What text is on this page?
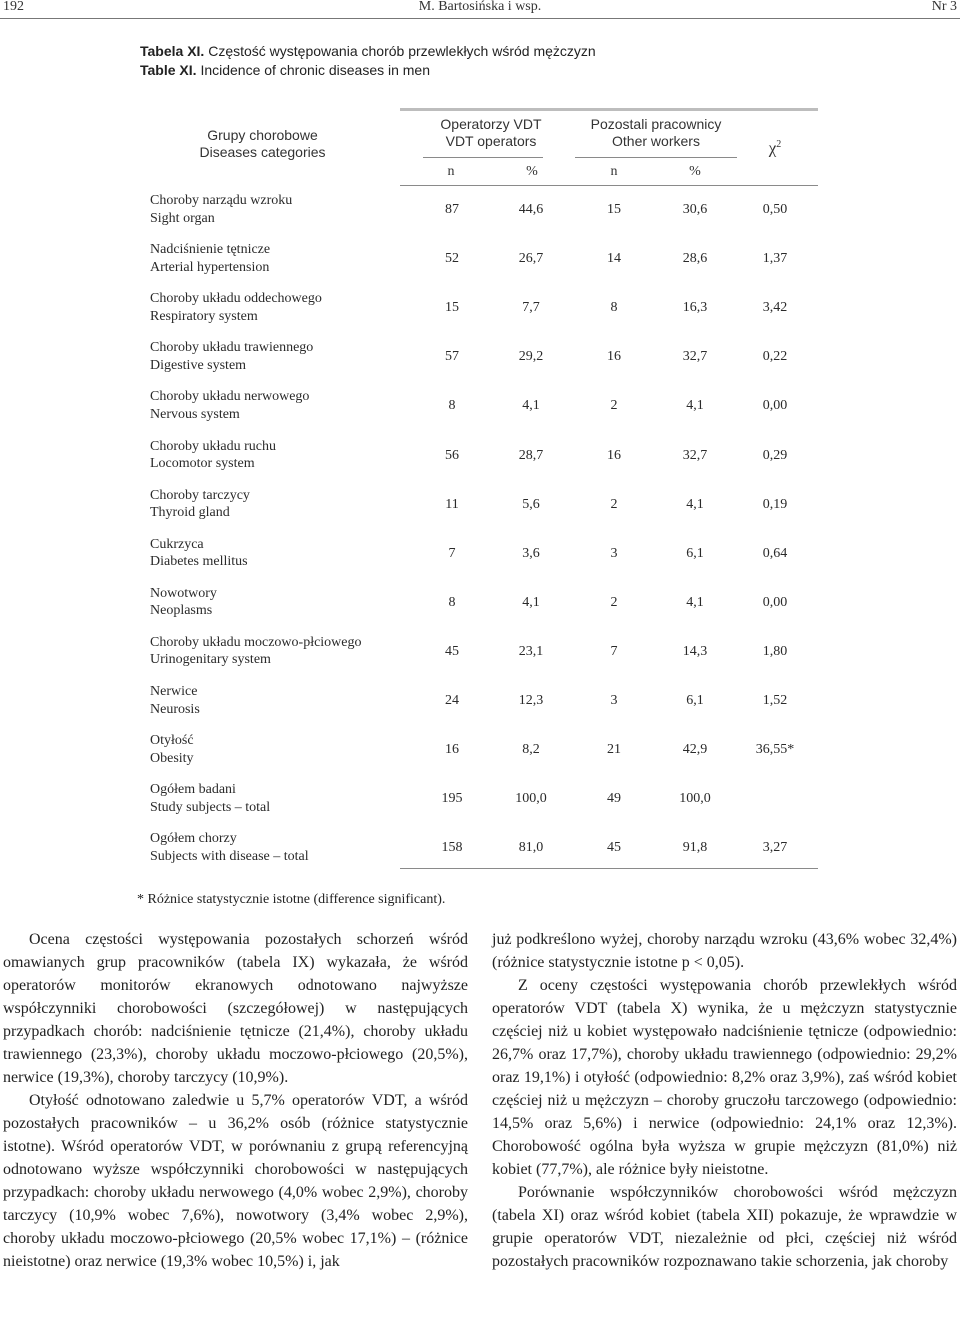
192	M. Bartosińska i wsp.	Nr 3
Tabela XI. Częstość występowania chorób przewlekłych wśród mężczyzn
Table XI. Incidence of chronic diseases in men
Grupy chorobowe
Diseases categories
Operatorzy VDT
VDT operators
Pozostali pracownicy
Other workers	$\chi^2$
n	%	n	%
Choroby narządu wzroku
Sight organ
87	44,6	15	30,6	0,50
Nadciśnienie tętnicze
Arterial hypertension
52	26,7	14	28,6	1,37
Choroby układu oddechowego
Respiratory system
15	7,7	8	16,3	3,42
Choroby układu trawiennego
Digestive system
57	29,2	16	32,7	0,22
Choroby układu nerwowego
Nervous system
8	4,1	2	4,1	0,00
Choroby układu ruchu
Locomotor system
56	28,7	16	32,7	0,29
Choroby tarczycy
Thyroid gland
11	5,6	2	4,1	0,19
Cukrzyca
Diabetes mellitus
7	3,6	3	6,1	0,64
Nowotwory
Neoplasms
8	4,1	2	4,1	0,00
Choroby układu moczowo-płciowego
Urinogenitary system
45	23,1	7	14,3	1,80
Nerwice
Neurosis
24	12,3	3	6,1	1,52
Otyłość
Obesity
16	8,2	21	42,9	36,55*
Ogółem badani
Study subjects – total
195	100,0	49	100,0
Ogółem chorzy
Subjects with disease – total
158	81,0	45	91,8	3,27
* Różnice statystycznie istotne (difference significant).

Ocena częstości występowania pozostałych schorzeń wśród omawianych grup pracowników (tabela IX) wykazała, że wśród operatorów monitorów ekranowych odnotowano najwyższe współczynniki chorobowości (szczegółowej) w następujących przypadkach chorób: nadciśnienie tętnicze (21,4%), choroby układu trawiennego (23,3%), choroby układu moczowo-płciowego (20,5%), nerwice (19,3%), choroby tarczycy (10,9%).

Otyłość odnotowano zaledwie u 5,7% operatorów VDT, a wśród pozostałych pracowników – u 36,2% osób (różnice statystycznie istotne). Wśród operatorów VDT, w porównaniu z grupą referencyjną odnotowano wyższe współczynniki chorobowości w następujących przypadkach: choroby układu nerwowego (4,0% wobec 2,9%), choroby tarczycy (10,9% wobec 7,6%), nowotwory (3,4% wobec 2,9%), choroby układu moczowo-płciowego (20,5% wobec 17,1%) – (różnice nieistotne) oraz nerwice (19,3% wobec 10,5%) i, jak

już podkreślono wyżej, choroby narządu wzroku (43,6% wobec 32,4%) (różnice statystycznie istotne p < 0,05).

Z oceny częstości występowania chorób przewlekłych wśród operatorów VDT (tabela X) wynika, że u mężczyzn statystycznie częściej niż u kobiet występowało nadciśnienie tętnicze (odpowiednio: 26,7% oraz 17,7%), choroby układu trawiennego (odpowiednio: 29,2% oraz 19,1%) i otyłość (odpowiednio: 8,2% oraz 3,9%), zaś wśród kobiet częściej niż u mężczyzn – choroby gruczołu tarczowego (odpowiednio: 14,5% oraz 5,6%) i nerwice (odpowiednio: 24,1% oraz 12,3%). Chorobowość ogólna była wyższa w grupie mężczyzn (81,0%) niż kobiet (77,7%), ale różnice były nieistotne.

Porównanie współczynników chorobowości wśród mężczyzn (tabela XI) oraz wśród kobiet (tabela XII) pokazuje, że wprawdzie w grupie operatorów VDT, niezależnie od płci, częściej niż wśród pozostałych pracowników rozpoznawano takie schorzenia, jak choroby
